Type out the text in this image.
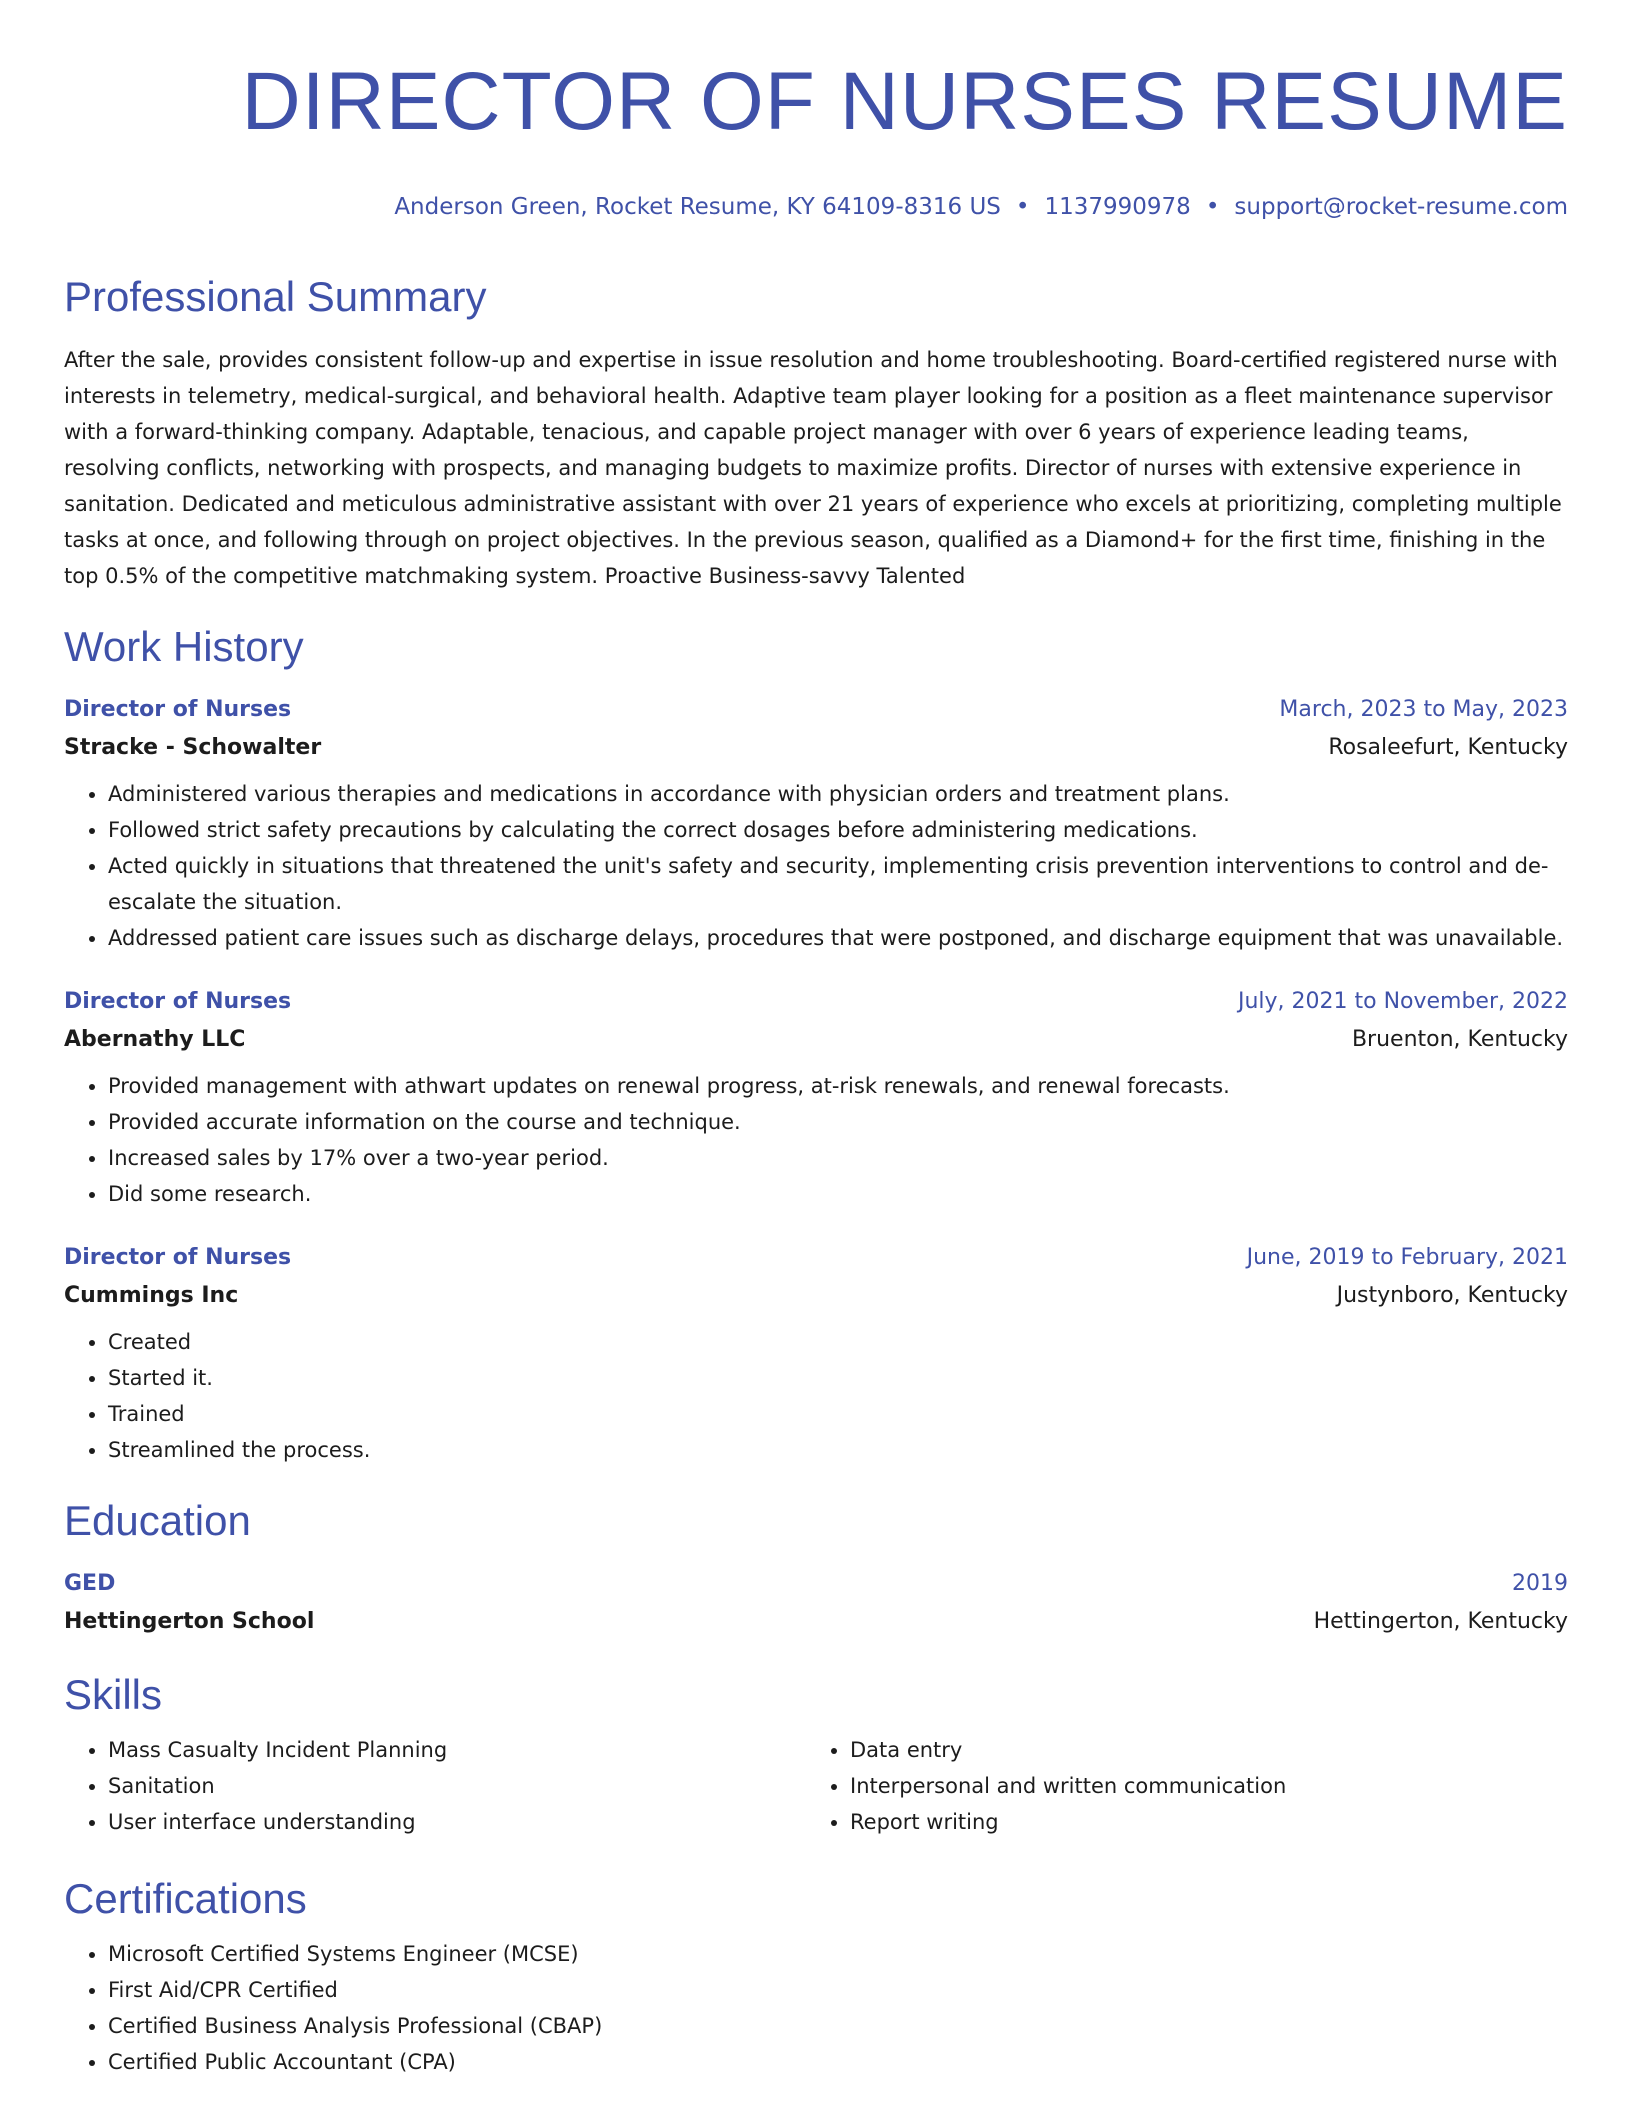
DIRECTOR OF NURSES RESUME
Anderson Green, Rocket Resume, KY 64109-8316 US • 1137990978 • support@rocket-resume.com
Professional Summary
After the sale, provides consistent follow-up and expertise in issue resolution and home troubleshooting. Board-certified registered nurse with interests in telemetry, medical-surgical, and behavioral health. Adaptive team player looking for a position as a fleet maintenance supervisor with a forward-thinking company. Adaptable, tenacious, and capable project manager with over 6 years of experience leading teams, resolving conflicts, networking with prospects, and managing budgets to maximize profits. Director of nurses with extensive experience in sanitation. Dedicated and meticulous administrative assistant with over 21 years of experience who excels at prioritizing, completing multiple tasks at once, and following through on project objectives. In the previous season, qualified as a Diamond+ for the first time, finishing in the top 0.5% of the competitive matchmaking system. Proactive Business-savvy Talented
Work History
Director of Nurses	March, 2023 to May, 2023
Stracke - Schowalter	Rosaleefurt, Kentucky
• Administered various therapies and medications in accordance with physician orders and treatment plans.
• Followed strict safety precautions by calculating the correct dosages before administering medications.
• Acted quickly in situations that threatened the unit's safety and security, implementing crisis prevention interventions to control and de-escalate the situation.
• Addressed patient care issues such as discharge delays, procedures that were postponed, and discharge equipment that was unavailable.
Director of Nurses	July, 2021 to November, 2022
Abernathy LLC	Bruenton, Kentucky
• Provided management with athwart updates on renewal progress, at-risk renewals, and renewal forecasts.
• Provided accurate information on the course and technique.
• Increased sales by 17% over a two-year period.
• Did some research.
Director of Nurses	June, 2019 to February, 2021
Cummings Inc	Justynboro, Kentucky
• Created
• Started it.
• Trained
• Streamlined the process.
Education
GED	2019
Hettingerton School	Hettingerton, Kentucky
Skills
• Mass Casualty Incident Planning
• Sanitation
• User interface understanding
• Data entry
• Interpersonal and written communication
• Report writing
Certifications
• Microsoft Certified Systems Engineer (MCSE)
• First Aid/CPR Certified
• Certified Business Analysis Professional (CBAP)
• Certified Public Accountant (CPA)
